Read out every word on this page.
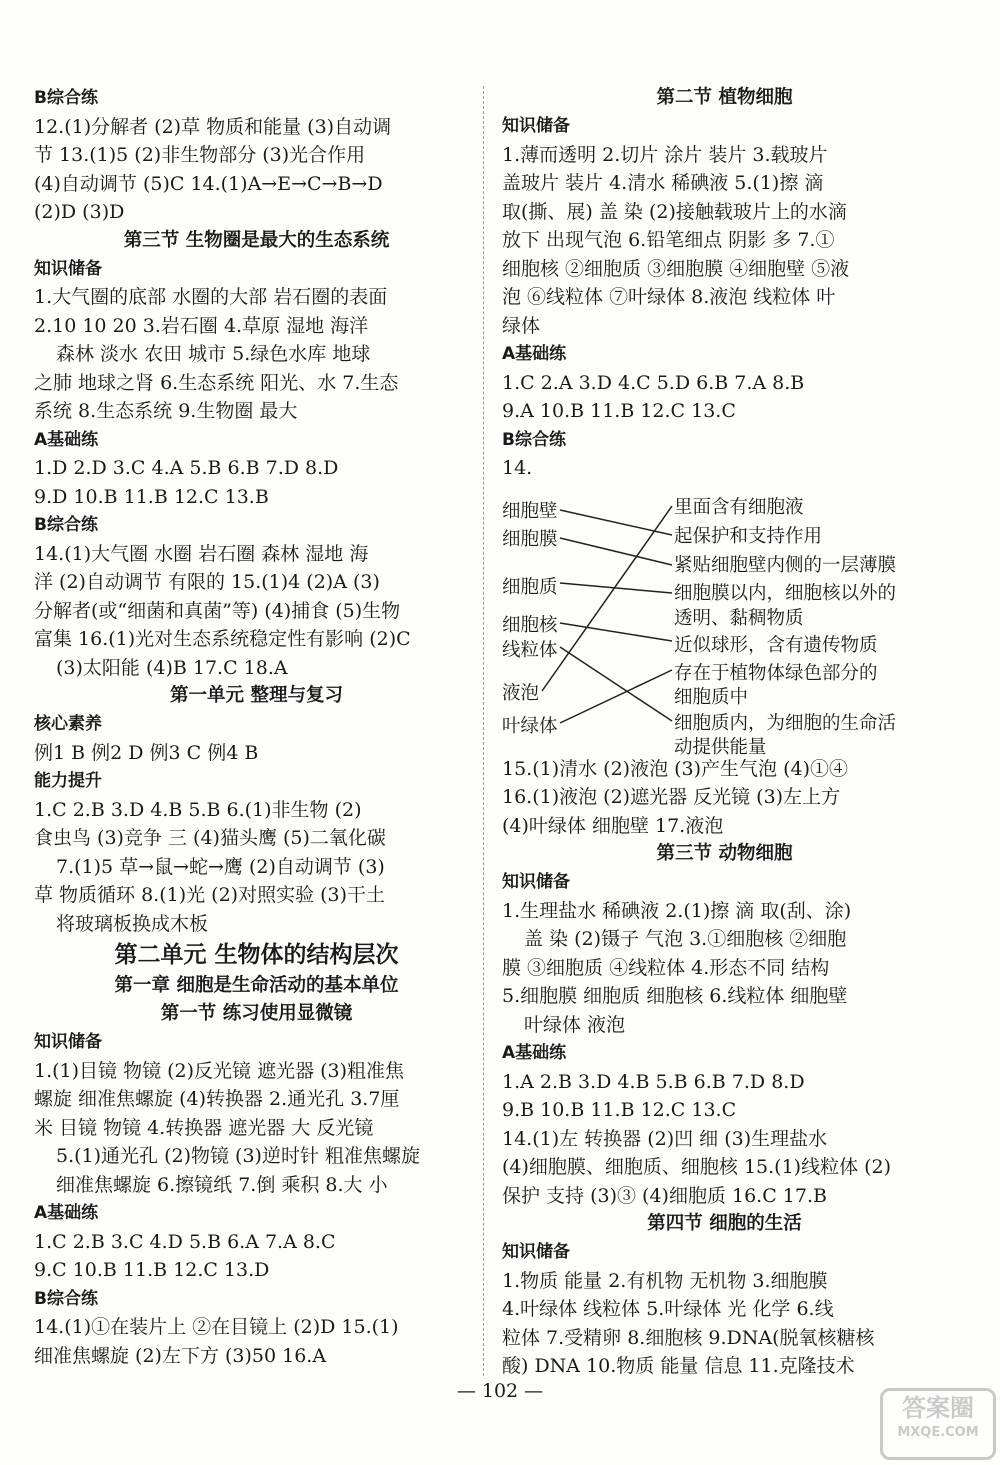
B综合练
12.(1)分解者 (2)草 物质和能量 (3)自动调
节 13.(1)5 (2)非生物部分 (3)光合作用
(4)自动调节 (5)C 14.(1)A→E→C→B→D
(2)D (3)D
第三节 生物圈是最大的生态系统
知识储备
1.大气圈的底部 水圈的大部 岩石圈的表面
2.10 10 20 3.岩石圈 4.草原 湿地 海洋
森林 淡水 农田 城市 5.绿色水库 地球
之肺 地球之肾 6.生态系统 阳光、水 7.生态
系统 8.生态系统 9.生物圈 最大
A基础练
1.D 2.D 3.C 4.A 5.B 6.B 7.D 8.D
9.D 10.B 11.B 12.C 13.B
B综合练
14.(1)大气圈 水圈 岩石圈 森林 湿地 海
洋 (2)自动调节 有限的 15.(1)4 (2)A (3)
分解者(或“细菌和真菌”等) (4)捕食 (5)生物
富集 16.(1)光对生态系统稳定性有影响 (2)C
(3)太阳能 (4)B 17.C 18.A
第一单元 整理与复习
核心素养
例1 B 例2 D 例3 C 例4 B
能力提升
1.C 2.B 3.D 4.B 5.B 6.(1)非生物 (2)
食虫鸟 (3)竞争 三 (4)猫头鹰 (5)二氧化碳
7.(1)5 草→鼠→蛇→鹰 (2)自动调节 (3)
草 物质循环 8.(1)光 (2)对照实验 (3)干土
将玻璃板换成木板
第二单元 生物体的结构层次
第一章 细胞是生命活动的基本单位
第一节 练习使用显微镜
知识储备
1.(1)目镜 物镜 (2)反光镜 遮光器 (3)粗准焦
螺旋 细准焦螺旋 (4)转换器 2.通光孔 3.7厘
米 目镜 物镜 4.转换器 遮光器 大 反光镜
5.(1)通光孔 (2)物镜 (3)逆时针 粗准焦螺旋
细准焦螺旋 6.擦镜纸 7.倒 乘积 8.大 小
A基础练
1.C 2.B 3.C 4.D 5.B 6.A 7.A 8.C
9.C 10.B 11.B 12.C 13.D
B综合练
14.(1)①在装片上 ②在目镜上 (2)D 15.(1)
细准焦螺旋 (2)左下方 (3)50 16.A
第二节 植物细胞
知识储备
1.薄而透明 2.切片 涂片 装片 3.载玻片
盖玻片 装片 4.清水 稀碘液 5.(1)擦 滴
取(撕、展) 盖 染 (2)接触载玻片上的水滴
放下 出现气泡 6.铅笔细点 阴影 多 7.①
细胞核 ②细胞质 ③细胞膜 ④细胞壁 ⑤液
泡 ⑥线粒体 ⑦叶绿体 8.液泡 线粒体 叶
绿体
A基础练
1.C 2.A 3.D 4.C 5.D 6.B 7.A 8.B
9.A 10.B 11.B 12.C 13.C
B综合练
14.
细胞壁
细胞膜
细胞质
细胞核
线粒体
液泡
叶绿体
里面含有细胞液
起保护和支持作用
紧贴细胞壁内侧的一层薄膜
细胞膜以内，细胞核以外的
透明、黏稠物质
近似球形，含有遗传物质
存在于植物体绿色部分的
细胞质中
细胞质内，为细胞的生命活
动提供能量
15.(1)清水 (2)液泡 (3)产生气泡 (4)①④
16.(1)液泡 (2)遮光器 反光镜 (3)左上方
(4)叶绿体 细胞壁 17.液泡
第三节 动物细胞
知识储备
1.生理盐水 稀碘液 2.(1)擦 滴 取(刮、涂)
盖 染 (2)镊子 气泡 3.①细胞核 ②细胞
膜 ③细胞质 ④线粒体 4.形态不同 结构
5.细胞膜 细胞质 细胞核 6.线粒体 细胞壁
叶绿体 液泡
A基础练
1.A 2.B 3.D 4.B 5.B 6.B 7.D 8.D
9.B 10.B 11.B 12.C 13.C
14.(1)左 转换器 (2)凹 细 (3)生理盐水
(4)细胞膜、细胞质、细胞核 15.(1)线粒体 (2)
保护 支持 (3)③ (4)细胞质 16.C 17.B
第四节 细胞的生活
知识储备
1.物质 能量 2.有机物 无机物 3.细胞膜
4.叶绿体 线粒体 5.叶绿体 光 化学 6.线
粒体 7.受精卵 8.细胞核 9.DNA(脱氧核糖核
酸) DNA 10.物质 能量 信息 11.克隆技术
— 102 —
答案圈
MXQE.COM
